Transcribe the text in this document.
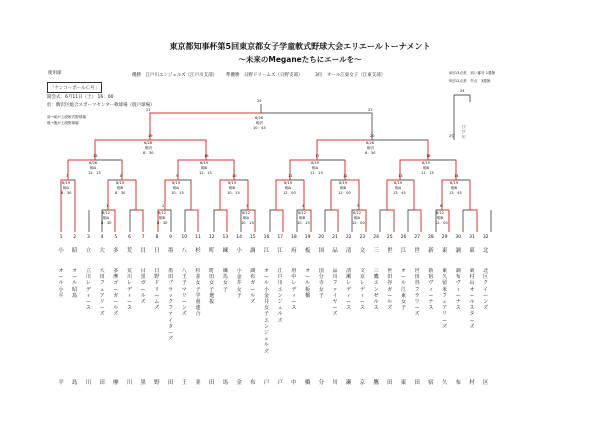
東京都知事杯第5回東京都女子学童軟式野球大会エリエールトーナメント
〜未来のMeganeたちにエールを〜
使用球
「ケンコーボールＣ号」
開会式：6月11日（土） 16：00
於：駒沢区総合スポーツセンター軟球場（既戸球場）
前→前が上段軟式野球場
後→後が上段野球場
優勝　江戸川エンジェルズ（江戸川支部） 準優勝　日野ドリームズ（日野支部）	3位　オール江東女子（江東支部）	4回13点差　肩い審号 1悪無
5回12点差　失点　3悪無
21	22
25
6/26
駒沢
10：45
24
江
戸
川
2位
19
6/26
駒沢
8：30
20
6/26
駒沢
8：30
15
6/26
駒A
12：15
16
6/19
駒B
12：15
17
6/19
駒A
11：15
18
6/19
駒B
11：15
7
6/19
駒A
8：30
8
6/19
駒B
8：30
9
6/19
駒A
10：15
10
6/19
駒B
10：15
11
6/19
駒A
12：00
12
6/19
駒B
12：00
13
6/19
駒A
13：45
14
6/19
駒B
13：45
1
6/12
駒A
8：30
2
6/12
駒B
8：30
3
6/12
駒A
10：15
4
6/12
駒B
10：15
5
6/12
駒A
12：00
6
6/12
駒B
12：00
1
小
平
オール小平
2
昭
島
オール昭島
3
立
川
立川レディース
4
大
田
大田フェアリーズ
5
多
摩
多摩ゴーガールズ
6
荒
川
荒川レディース
7
目
黒
目黒ガールズ
8
日
野
日野ドリームズ
9
墨
田
墨田ブラックファイターズ
10
八
王
八王子マリーンズ
11
杉
並
杉並女子学童連合
12
町
田
町田女子選抜
13
練
馬
練馬女子
14
小
金
小金井女子
15
調
布
調布ガールズ
16
江
戸
オール小金井女子エンジェルズ
17
江
戸
江戸川エンジェルズ
18
府
中
府中レディース
19
板
橋
オール板橋
20
国
分
国分寺女子
21
品
川
品川ファイヤーズ
22
清
瀬
清瀬レディース
23
文
京
文京レディース
24
三
鷹
三鷹エンゼルス
25
世
田
世田谷ガールズ
26
江
東
オール江東女子
27
世
田
世田谷フラワーズ
28
新
宿
新宿ヴィーナス
29
東
久
東久留米フェアリーズ
30
調
布
調布ヴィーナス
31
東
村
東村山オールスターズ
32
北
区
北区クイーンズ
